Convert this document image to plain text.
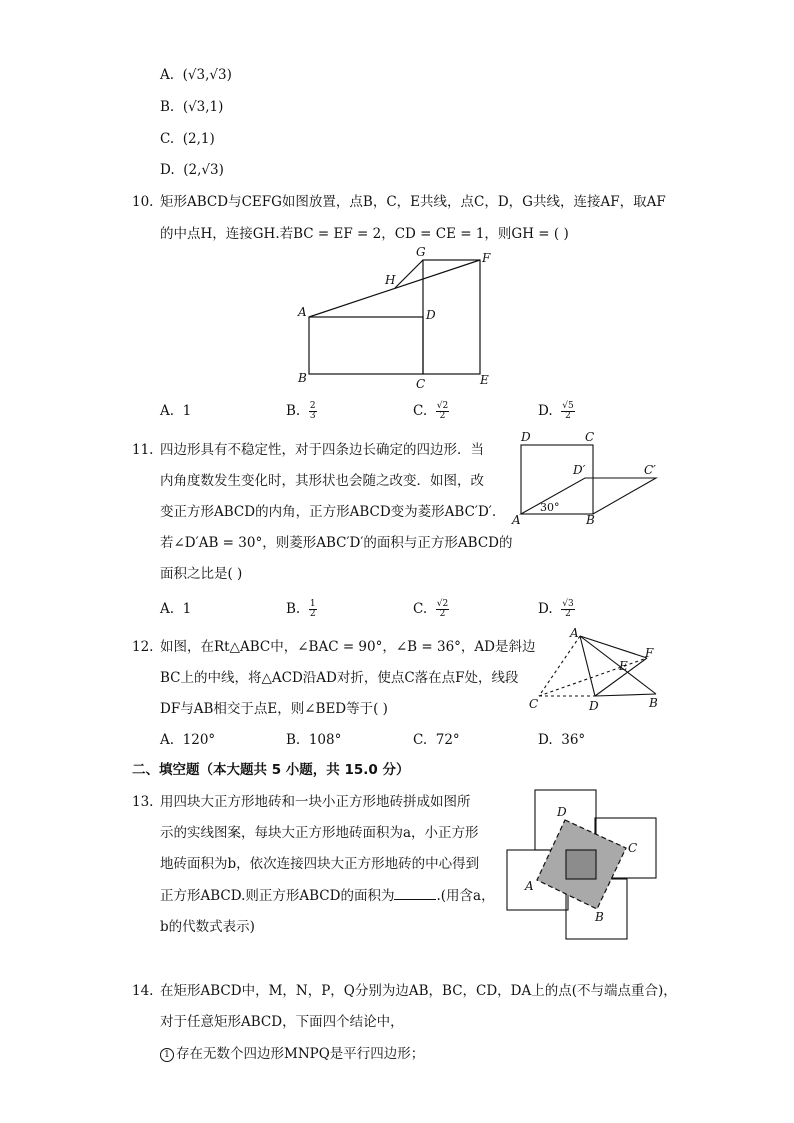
A. (√3,√3)
B. (√3,1)
C. (2,1)
D. (2,√3)
10. 矩形ABCD与CEFG如图放置，点B，C，E共线，点C，D，G共线，连接AF，取AF
的中点H，连接GH.若BC = EF = 2，CD = CE = 1，则GH = ( )
G	F
H
A	D
B	C	E
A. 1	B. $\frac{2}{3}$	C. $\frac{√2}{2}$	D. $\frac{√5}{2}$
11. 四边形具有不稳定性，对于四条边长确定的四边形．当
内角度数发生变化时，其形状也会随之改变．如图，改
变正方形ABCD的内角，正方形ABCD变为菱形ABC′D′.
若∠D′AB = 30°，则菱形ABC′D′的面积与正方形ABCD的
面积之比是( )
D	C
D′	C′
A	B
30°
A. 1	B. $\frac{1}{2}$	C. $\frac{√2}{2}$	D. $\frac{√3}{2}$
12. 如图，在Rt△ABC中，∠BAC = 90°，∠B = 36°，AD是斜边
BC上的中线，将△ACD沿AD对折，使点C落在点F处，线段
DF与AB相交于点E，则∠BED等于( )
A
F
E
C	D	B
A. 120°	B. 108°	C. 72°	D. 36°
二、填空题（本大题共 5 小题，共 15.0 分）
13. 用四块大正方形地砖和一块小正方形地砖拼成如图所
示的实线图案，每块大正方形地砖面积为a，小正方形
地砖面积为b，依次连接四块大正方形地砖的中心得到
正方形ABCD.则正方形ABCD的面积为	.(用含a，
b的代数式表示)
D
C
A
B
14. 在矩形ABCD中，M，N，P，Q分别为边AB，BC，CD，DA上的点(不与端点重合)，
对于任意矩形ABCD，下面四个结论中，
1 存在无数个四边形MNPQ是平行四边形；
